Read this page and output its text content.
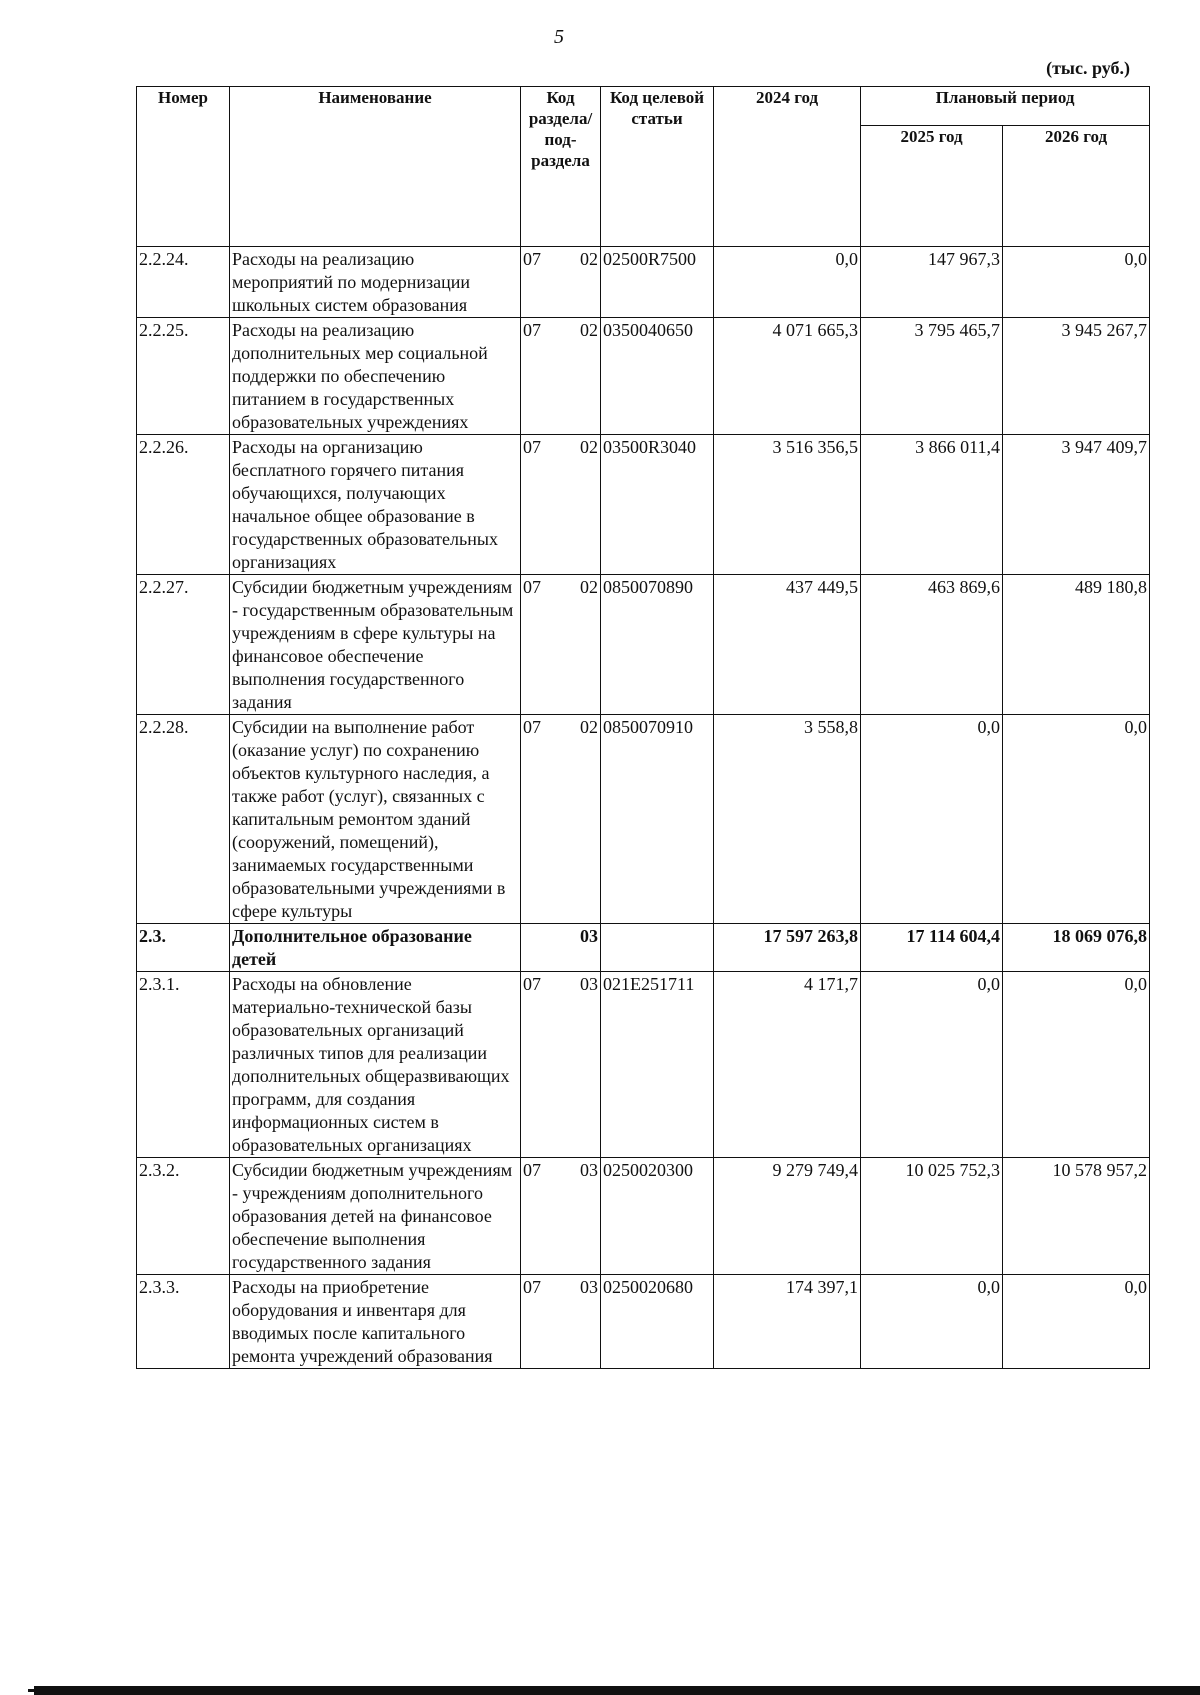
5
(тыс. руб.)
Номер	Наименование	Код раздела/ под-раздела		Код целевой статьи	2024 год	Плановый период	
						2025 год	2026 год
2.2.24.	Расходы на реализацию мероприятий по модернизации школьных систем образования	07	02	02500R7500	0,0	147 967,3	0,0
2.2.25.	Расходы на реализацию дополнительных мер социальной поддержки по обеспечению питанием в государственных образовательных учреждениях	07	02	0350040650	4 071 665,3	3 795 465,7	3 945 267,7
2.2.26.	Расходы на организацию бесплатного горячего питания обучающихся, получающих начальное общее образование в государственных образовательных организациях	07	02	03500R3040	3 516 356,5	3 866 011,4	3 947 409,7
2.2.27.	Субсидии бюджетным учреждениям - государственным образовательным учреждениям в сфере культуры на финансовое обеспечение выполнения государственного задания	07	02	0850070890	437 449,5	463 869,6	489 180,8
2.2.28.	Субсидии на выполнение работ (оказание услуг) по сохранению объектов культурного наследия, а также работ (услуг), связанных с капитальным ремонтом зданий (сооружений, помещений), занимаемых государственными образовательными учреждениями в сфере культуры	07	02	0850070910	3 558,8	0,0	0,0
2.3.	Дополнительное образование детей		03		17 597 263,8	17 114 604,4	18 069 076,8
2.3.1.	Расходы на обновление материально-технической базы образовательных организаций различных типов для реализации дополнительных общеразвивающих программ, для создания информационных систем в образовательных организациях	07	03	021E251711	4 171,7	0,0	0,0
2.3.2.	Субсидии бюджетным учреждениям - учреждениям дополнительного образования детей на финансовое обеспечение выполнения государственного задания	07	03	0250020300	9 279 749,4	10 025 752,3	10 578 957,2
2.3.3.	Расходы на приобретение оборудования и инвентаря для вводимых после капитального ремонта учреждений образования	07	03	0250020680	174 397,1	0,0	0,0
